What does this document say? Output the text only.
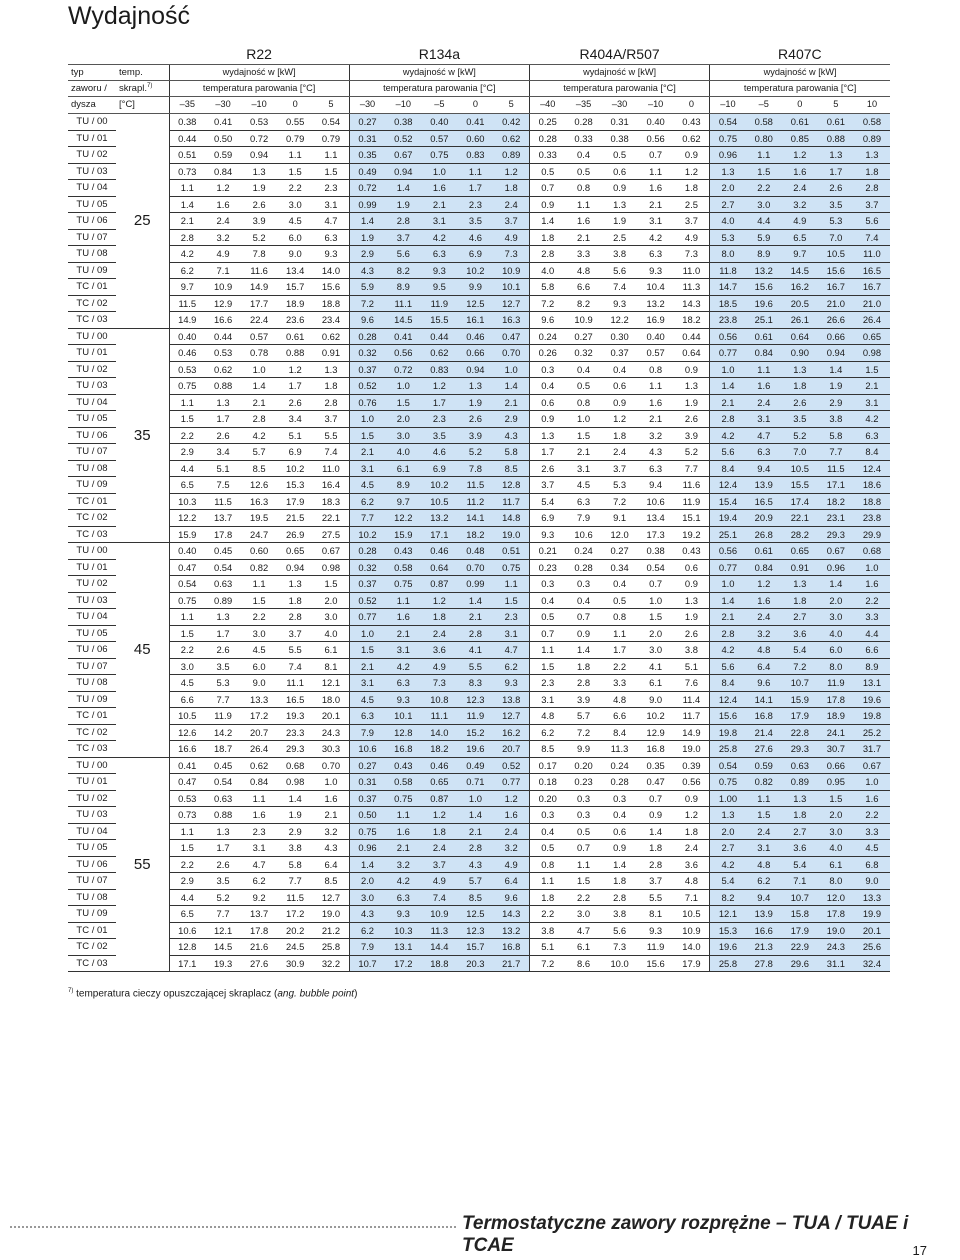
Wydajność

		R22					R134a					R404A/R507					R407C				
typ	temp.	wydajność w [kW]					wydajność w [kW]					wydajność w [kW]					wydajność w [kW]				
zaworu /	skrapl.$^{7)}$	temperatura parowania [°C]					temperatura parowania [°C]					temperatura parowania [°C]					temperatura parowania [°C]				
dysza	[°C]	–35	–30	–10	0	5	–30	–10	–5	0	5	–40	–35	–30	–10	0	–10	–5	0	5	10
TU / 00	25	0.38	0.41	0.53	0.55	0.54	0.27	0.38	0.40	0.41	0.42	0.25	0.28	0.31	0.40	0.43	0.54	0.58	0.61	0.61	0.58
TU / 01		0.44	0.50	0.72	0.79	0.79	0.31	0.52	0.57	0.60	0.62	0.28	0.33	0.38	0.56	0.62	0.75	0.80	0.85	0.88	0.89
TU / 02		0.51	0.59	0.94	1.1	1.1	0.35	0.67	0.75	0.83	0.89	0.33	0.4	0.5	0.7	0.9	0.96	1.1	1.2	1.3	1.3
TU / 03		0.73	0.84	1.3	1.5	1.5	0.49	0.94	1.0	1.1	1.2	0.5	0.5	0.6	1.1	1.2	1.3	1.5	1.6	1.7	1.8
TU / 04		1.1	1.2	1.9	2.2	2.3	0.72	1.4	1.6	1.7	1.8	0.7	0.8	0.9	1.6	1.8	2.0	2.2	2.4	2.6	2.8
TU / 05		1.4	1.6	2.6	3.0	3.1	0.99	1.9	2.1	2.3	2.4	0.9	1.1	1.3	2.1	2.5	2.7	3.0	3.2	3.5	3.7
TU / 06		2.1	2.4	3.9	4.5	4.7	1.4	2.8	3.1	3.5	3.7	1.4	1.6	1.9	3.1	3.7	4.0	4.4	4.9	5.3	5.6
TU / 07		2.8	3.2	5.2	6.0	6.3	1.9	3.7	4.2	4.6	4.9	1.8	2.1	2.5	4.2	4.9	5.3	5.9	6.5	7.0	7.4
TU / 08		4.2	4.9	7.8	9.0	9.3	2.9	5.6	6.3	6.9	7.3	2.8	3.3	3.8	6.3	7.3	8.0	8.9	9.7	10.5	11.0
TU / 09		6.2	7.1	11.6	13.4	14.0	4.3	8.2	9.3	10.2	10.9	4.0	4.8	5.6	9.3	11.0	11.8	13.2	14.5	15.6	16.5
TC / 01		9.7	10.9	14.9	15.7	15.6	5.9	8.9	9.5	9.9	10.1	5.8	6.6	7.4	10.4	11.3	14.7	15.6	16.2	16.7	16.7
TC / 02		11.5	12.9	17.7	18.9	18.8	7.2	11.1	11.9	12.5	12.7	7.2	8.2	9.3	13.2	14.3	18.5	19.6	20.5	21.0	21.0
TC / 03		14.9	16.6	22.4	23.6	23.4	9.6	14.5	15.5	16.1	16.3	9.6	10.9	12.2	16.9	18.2	23.8	25.1	26.1	26.6	26.4
TU / 00	35	0.40	0.44	0.57	0.61	0.62	0.28	0.41	0.44	0.46	0.47	0.24	0.27	0.30	0.40	0.44	0.56	0.61	0.64	0.66	0.65
TU / 01		0.46	0.53	0.78	0.88	0.91	0.32	0.56	0.62	0.66	0.70	0.26	0.32	0.37	0.57	0.64	0.77	0.84	0.90	0.94	0.98
TU / 02		0.53	0.62	1.0	1.2	1.3	0.37	0.72	0.83	0.94	1.0	0.3	0.4	0.4	0.8	0.9	1.0	1.1	1.3	1.4	1.5
TU / 03		0.75	0.88	1.4	1.7	1.8	0.52	1.0	1.2	1.3	1.4	0.4	0.5	0.6	1.1	1.3	1.4	1.6	1.8	1.9	2.1
TU / 04		1.1	1.3	2.1	2.6	2.8	0.76	1.5	1.7	1.9	2.1	0.6	0.8	0.9	1.6	1.9	2.1	2.4	2.6	2.9	3.1
TU / 05		1.5	1.7	2.8	3.4	3.7	1.0	2.0	2.3	2.6	2.9	0.9	1.0	1.2	2.1	2.6	2.8	3.1	3.5	3.8	4.2
TU / 06		2.2	2.6	4.2	5.1	5.5	1.5	3.0	3.5	3.9	4.3	1.3	1.5	1.8	3.2	3.9	4.2	4.7	5.2	5.8	6.3
TU / 07		2.9	3.4	5.7	6.9	7.4	2.1	4.0	4.6	5.2	5.8	1.7	2.1	2.4	4.3	5.2	5.6	6.3	7.0	7.7	8.4
TU / 08		4.4	5.1	8.5	10.2	11.0	3.1	6.1	6.9	7.8	8.5	2.6	3.1	3.7	6.3	7.7	8.4	9.4	10.5	11.5	12.4
TU / 09		6.5	7.5	12.6	15.3	16.4	4.5	8.9	10.2	11.5	12.8	3.7	4.5	5.3	9.4	11.6	12.4	13.9	15.5	17.1	18.6
TC / 01		10.3	11.5	16.3	17.9	18.3	6.2	9.7	10.5	11.2	11.7	5.4	6.3	7.2	10.6	11.9	15.4	16.5	17.4	18.2	18.8
TC / 02		12.2	13.7	19.5	21.5	22.1	7.7	12.2	13.2	14.1	14.8	6.9	7.9	9.1	13.4	15.1	19.4	20.9	22.1	23.1	23.8
TC / 03		15.9	17.8	24.7	26.9	27.5	10.2	15.9	17.1	18.2	19.0	9.3	10.6	12.0	17.3	19.2	25.1	26.8	28.2	29.3	29.9
TU / 00	45	0.40	0.45	0.60	0.65	0.67	0.28	0.43	0.46	0.48	0.51	0.21	0.24	0.27	0.38	0.43	0.56	0.61	0.65	0.67	0.68
TU / 01		0.47	0.54	0.82	0.94	0.98	0.32	0.58	0.64	0.70	0.75	0.23	0.28	0.34	0.54	0.6	0.77	0.84	0.91	0.96	1.0
TU / 02		0.54	0.63	1.1	1.3	1.5	0.37	0.75	0.87	0.99	1.1	0.3	0.3	0.4	0.7	0.9	1.0	1.2	1.3	1.4	1.6
TU / 03		0.75	0.89	1.5	1.8	2.0	0.52	1.1	1.2	1.4	1.5	0.4	0.4	0.5	1.0	1.3	1.4	1.6	1.8	2.0	2.2
TU / 04		1.1	1.3	2.2	2.8	3.0	0.77	1.6	1.8	2.1	2.3	0.5	0.7	0.8	1.5	1.9	2.1	2.4	2.7	3.0	3.3
TU / 05		1.5	1.7	3.0	3.7	4.0	1.0	2.1	2.4	2.8	3.1	0.7	0.9	1.1	2.0	2.6	2.8	3.2	3.6	4.0	4.4
TU / 06		2.2	2.6	4.5	5.5	6.1	1.5	3.1	3.6	4.1	4.7	1.1	1.4	1.7	3.0	3.8	4.2	4.8	5.4	6.0	6.6
TU / 07		3.0	3.5	6.0	7.4	8.1	2.1	4.2	4.9	5.5	6.2	1.5	1.8	2.2	4.1	5.1	5.6	6.4	7.2	8.0	8.9
TU / 08		4.5	5.3	9.0	11.1	12.1	3.1	6.3	7.3	8.3	9.3	2.3	2.8	3.3	6.1	7.6	8.4	9.6	10.7	11.9	13.1
TU / 09		6.6	7.7	13.3	16.5	18.0	4.5	9.3	10.8	12.3	13.8	3.1	3.9	4.8	9.0	11.4	12.4	14.1	15.9	17.8	19.6
TC / 01		10.5	11.9	17.2	19.3	20.1	6.3	10.1	11.1	11.9	12.7	4.8	5.7	6.6	10.2	11.7	15.6	16.8	17.9	18.9	19.8
TC / 02		12.6	14.2	20.7	23.3	24.3	7.9	12.8	14.0	15.2	16.2	6.2	7.2	8.4	12.9	14.9	19.8	21.4	22.8	24.1	25.2
TC / 03		16.6	18.7	26.4	29.3	30.3	10.6	16.8	18.2	19.6	20.7	8.5	9.9	11.3	16.8	19.0	25.8	27.6	29.3	30.7	31.7
TU / 00	55	0.41	0.45	0.62	0.68	0.70	0.27	0.43	0.46	0.49	0.52	0.17	0.20	0.24	0.35	0.39	0.54	0.59	0.63	0.66	0.67
TU / 01		0.47	0.54	0.84	0.98	1.0	0.31	0.58	0.65	0.71	0.77	0.18	0.23	0.28	0.47	0.56	0.75	0.82	0.89	0.95	1.0
TU / 02		0.53	0.63	1.1	1.4	1.6	0.37	0.75	0.87	1.0	1.2	0.20	0.3	0.3	0.7	0.9	1.00	1.1	1.3	1.5	1.6
TU / 03		0.73	0.88	1.6	1.9	2.1	0.50	1.1	1.2	1.4	1.6	0.3	0.3	0.4	0.9	1.2	1.3	1.5	1.8	2.0	2.2
TU / 04		1.1	1.3	2.3	2.9	3.2	0.75	1.6	1.8	2.1	2.4	0.4	0.5	0.6	1.4	1.8	2.0	2.4	2.7	3.0	3.3
TU / 05		1.5	1.7	3.1	3.8	4.3	0.96	2.1	2.4	2.8	3.2	0.5	0.7	0.9	1.8	2.4	2.7	3.1	3.6	4.0	4.5
TU / 06		2.2	2.6	4.7	5.8	6.4	1.4	3.2	3.7	4.3	4.9	0.8	1.1	1.4	2.8	3.6	4.2	4.8	5.4	6.1	6.8
TU / 07		2.9	3.5	6.2	7.7	8.5	2.0	4.2	4.9	5.7	6.4	1.1	1.5	1.8	3.7	4.8	5.4	6.2	7.1	8.0	9.0
TU / 08		4.4	5.2	9.2	11.5	12.7	3.0	6.3	7.4	8.5	9.6	1.8	2.2	2.8	5.5	7.1	8.2	9.4	10.7	12.0	13.3
TU / 09		6.5	7.7	13.7	17.2	19.0	4.3	9.3	10.9	12.5	14.3	2.2	3.0	3.8	8.1	10.5	12.1	13.9	15.8	17.8	19.9
TC / 01		10.6	12.1	17.8	20.2	21.2	6.2	10.3	11.3	12.3	13.2	3.8	4.7	5.6	9.3	10.9	15.3	16.6	17.9	19.0	20.1
TC / 02		12.8	14.5	21.6	24.5	25.8	7.9	13.1	14.4	15.7	16.8	5.1	6.1	7.3	11.9	14.0	19.6	21.3	22.9	24.3	25.6
TC / 03		17.1	19.3	27.6	30.9	32.2	10.7	17.2	18.8	20.3	21.7	7.2	8.6	10.0	15.6	17.9	25.8	27.8	29.6	31.1	32.4
$^{7)}$ temperatura cieczy opuszczającej skraplacz (ang. bubble point)
Termostatyczne zawory rozprężne – TUA / TUAE i TCAE	17
